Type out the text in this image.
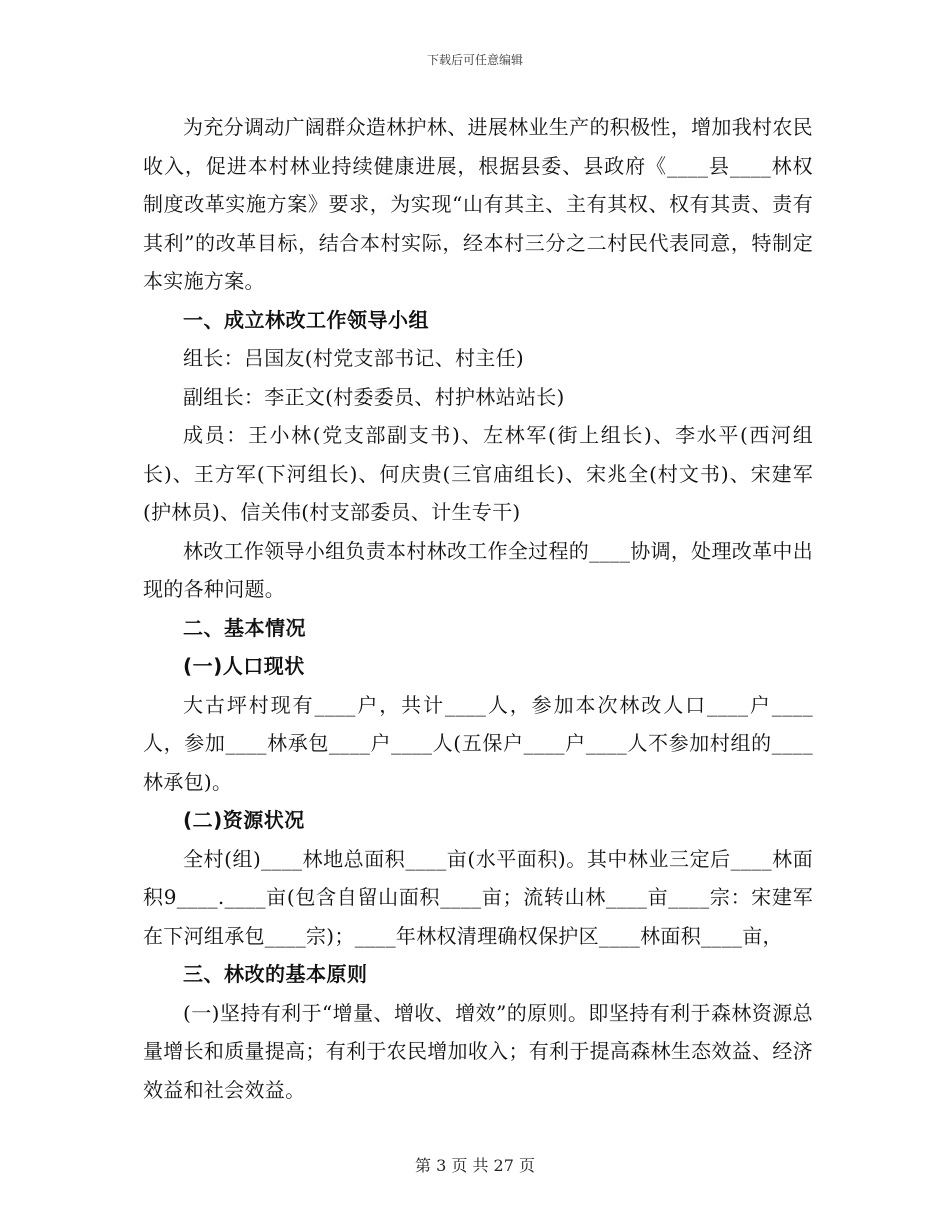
下载后可任意编辑

为充分调动广阔群众造林护林、进展林业生产的积极性，增加我村农民收入，促进本村林业持续健康进展，根据县委、县政府《____县____林权制度改革实施方案》要求，为实现“山有其主、主有其权、权有其责、责有其利”的改革目标，结合本村实际，经本村三分之二村民代表同意，特制定本实施方案。

一、成立林改工作领导小组

组长：吕国友(村党支部书记、村主任)

副组长：李正文(村委委员、村护林站站长)

成员：王小林(党支部副支书)、左林军(街上组长)、李水平(西河组长)、王方军(下河组长)、何庆贵(三官庙组长)、宋兆全(村文书)、宋建军(护林员)、信关伟(村支部委员、计生专干)

林改工作领导小组负责本村林改工作全过程的____协调，处理改革中出现的各种问题。

二、基本情况
(一)人口现状

大古坪村现有____户，共计____人，参加本次林改人口____户____人，参加____林承包____户____人(五保户____户____人不参加村组的____林承包)。

(二)资源状况

全村(组)____林地总面积____亩(水平面积)。其中林业三定后____林面积9____.____亩(包含自留山面积____亩；流转山林____亩____宗：宋建军在下河组承包____宗)；____年林权清理确权保护区____林面积____亩，

三、林改的基本原则

(一)坚持有利于“增量、增收、增效”的原则。即坚持有利于森林资源总量增长和质量提高；有利于农民增加收入；有利于提高森林生态效益、经济效益和社会效益。

第 3 页 共 27 页
